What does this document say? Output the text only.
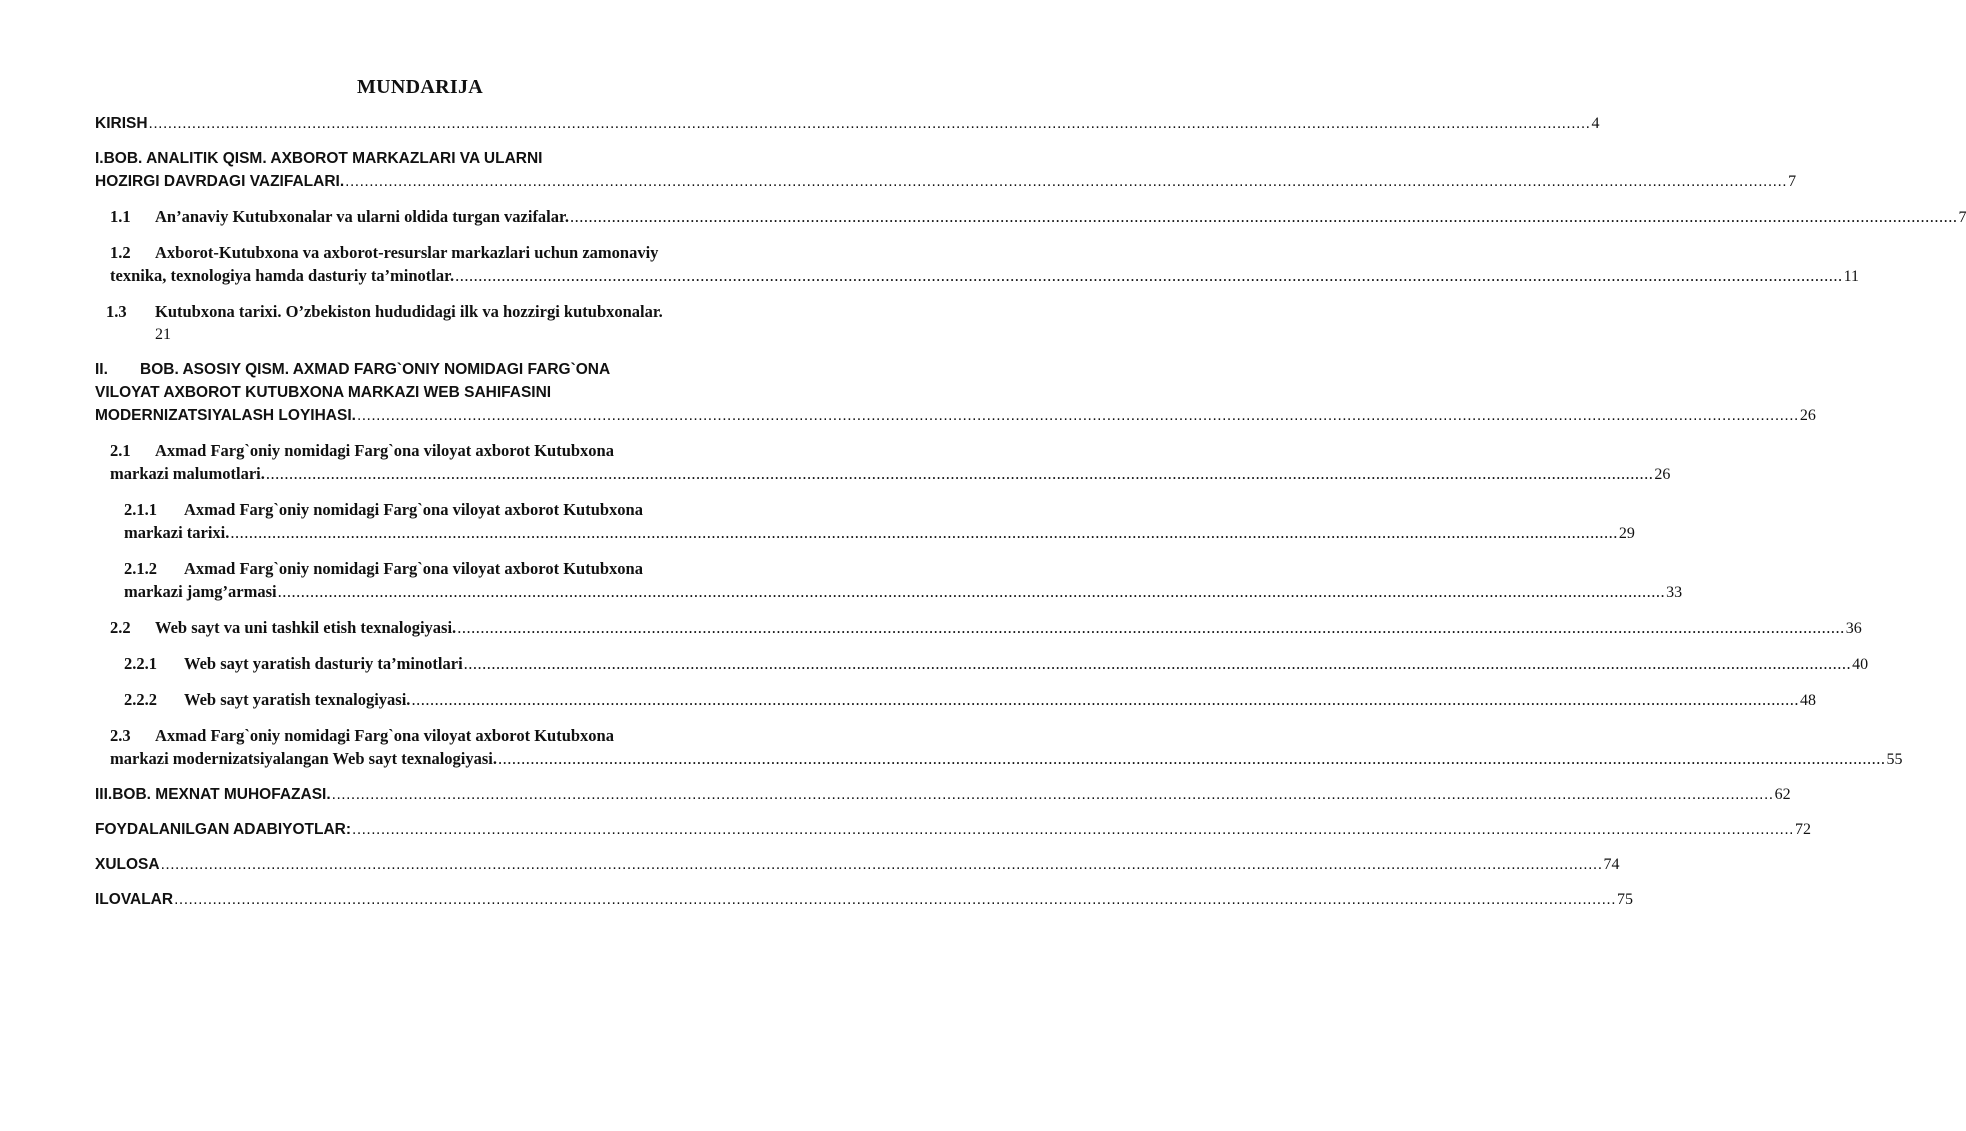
MUNDARIJA
KIRISH ............................................................................................................................................................................................................................................................................................................ 4
I.BOB. ANALITIK QISM. AXBOROT MARKAZLARI VA ULARNI
HOZIRGI DAVRDAGI VAZIFALARI. ............................................................................................................................................................................................................................................................................................................ 7
1.1 An’anaviy Kutubxonalar va ularni oldida turgan vazifalar. ............................................................................................................................................................................................................................................................................................................ 7
1.2 Axborot-Kutubxona va axborot-resurslar markazlari uchun zamonaviy
texnika, texnologiya hamda dasturiy ta’minotlar. ............................................................................................................................................................................................................................................................................................................ 11
1.3 Kutubxona tarixi. O’zbekiston hududidagi ilk va hozzirgi kutubxonalar.
21
II. BOB. ASOSIY QISM. AXMAD FARG`ONIY NOMIDAGI FARG`ONA
VILOYAT AXBOROT KUTUBXONA MARKAZI WEB SAHIFASINI
MODERNIZATSIYALASH LOYIHASI. ............................................................................................................................................................................................................................................................................................................ 26
2.1 Axmad Farg`oniy nomidagi Farg`ona viloyat axborot Kutubxona
markazi malumotlari. ............................................................................................................................................................................................................................................................................................................ 26
2.1.1 Axmad Farg`oniy nomidagi Farg`ona viloyat axborot Kutubxona
markazi tarixi. ............................................................................................................................................................................................................................................................................................................ 29
2.1.2 Axmad Farg`oniy nomidagi Farg`ona viloyat axborot Kutubxona
markazi jamg’armasi ............................................................................................................................................................................................................................................................................................................ 33
2.2 Web sayt va uni tashkil etish texnalogiyasi. ............................................................................................................................................................................................................................................................................................................ 36
2.2.1 Web sayt yaratish dasturiy ta’minotlari ............................................................................................................................................................................................................................................................................................................ 40
2.2.2 Web sayt yaratish texnalogiyasi. ............................................................................................................................................................................................................................................................................................................ 48
2.3 Axmad Farg`oniy nomidagi Farg`ona viloyat axborot Kutubxona
markazi modernizatsiyalangan Web sayt texnalogiyasi. ............................................................................................................................................................................................................................................................................................................ 55
III.BOB. MEXNAT MUHOFAZASI. ............................................................................................................................................................................................................................................................................................................ 62
FOYDALANILGAN ADABIYOTLAR: ............................................................................................................................................................................................................................................................................................................ 72
XULOSA ............................................................................................................................................................................................................................................................................................................ 74
ILOVALAR ............................................................................................................................................................................................................................................................................................................ 75
